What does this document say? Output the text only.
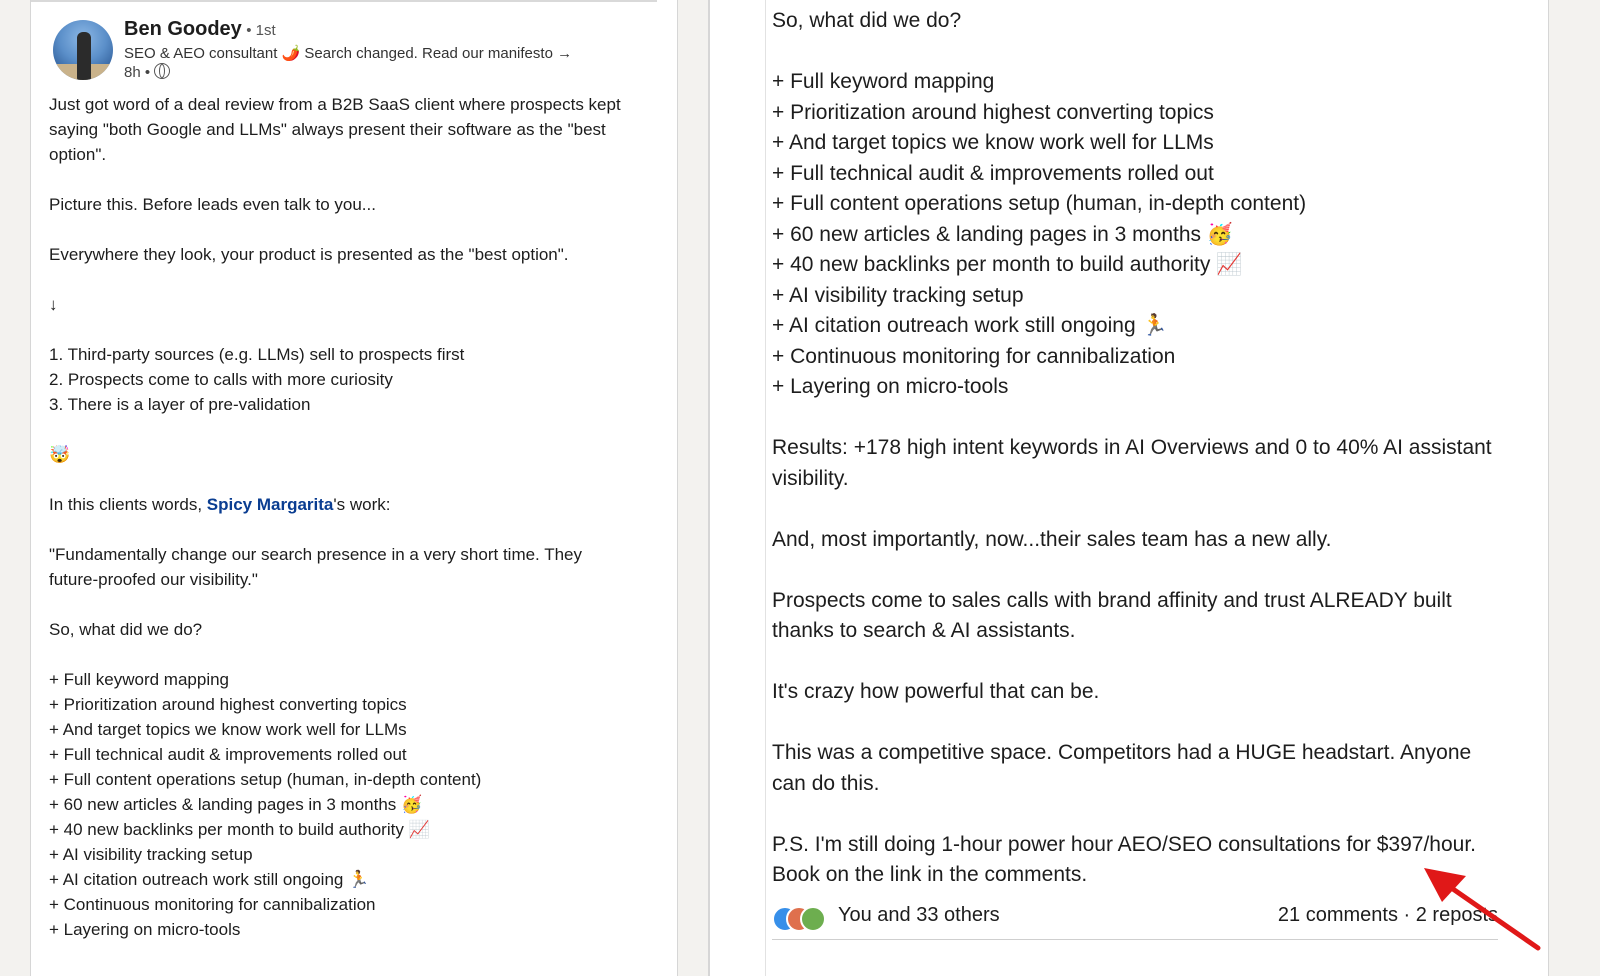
Ben Goodey • 1st
SEO & AEO consultant 🌶️ Search changed. Read our manifesto →
8h •

Just got word of a deal review from a B2B SaaS client where prospects kept

saying "both Google and LLMs" always present their software as the "best

option".

Picture this. Before leads even talk to you...

Everywhere they look, your product is presented as the "best option".

↓

1. Third-party sources (e.g. LLMs) sell to prospects first

2. Prospects come to calls with more curiosity

3. There is a layer of pre-validation

🤯

In this clients words, Spicy Margarita's work:

"Fundamentally change our search presence in a very short time. They

future-proofed our visibility."

So, what did we do?

+ Full keyword mapping

+ Prioritization around highest converting topics

+ And target topics we know work well for LLMs

+ Full technical audit & improvements rolled out

+ Full content operations setup (human, in-depth content)

+ 60 new articles & landing pages in 3 months 🥳

+ 40 new backlinks per month to build authority 📈

+ AI visibility tracking setup

+ AI citation outreach work still ongoing 🏃

+ Continuous monitoring for cannibalization

+ Layering on micro-tools

So, what did we do?

+ Full keyword mapping

+ Prioritization around highest converting topics

+ And target topics we know work well for LLMs

+ Full technical audit & improvements rolled out

+ Full content operations setup (human, in-depth content)

+ 60 new articles & landing pages in 3 months 🥳

+ 40 new backlinks per month to build authority 📈

+ AI visibility tracking setup

+ AI citation outreach work still ongoing 🏃

+ Continuous monitoring for cannibalization

+ Layering on micro-tools

Results: +178 high intent keywords in AI Overviews and 0 to 40% AI assistant

visibility.

And, most importantly, now...their sales team has a new ally.

Prospects come to sales calls with brand affinity and trust ALREADY built

thanks to search & AI assistants.

It's crazy how powerful that can be.

This was a competitive space. Competitors had a HUGE headstart. Anyone

can do this.

P.S. I'm still doing 1-hour power hour AEO/SEO consultations for $397/hour.

Book on the link in the comments.

You and 33 others	21 comments · 2 reposts
